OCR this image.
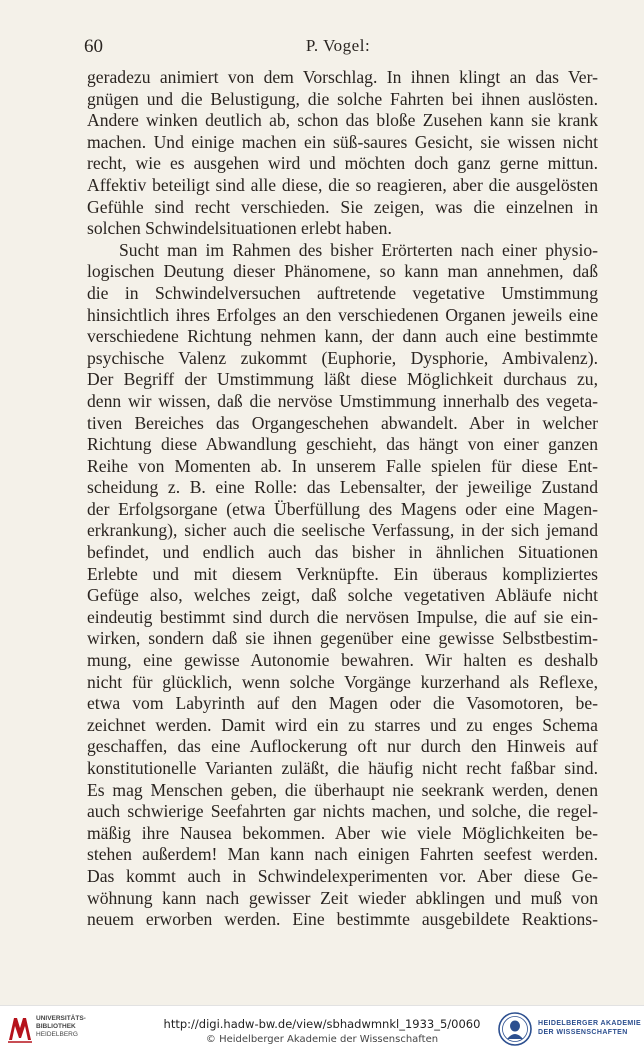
60	P. Vogel:
geradezu animiert von dem Vorschlag. In ihnen klingt an das Ver-
gnügen und die Belustigung, die solche Fahrten bei ihnen auslösten.
Andere winken deutlich ab, schon das bloße Zusehen kann sie krank
machen. Und einige machen ein süß-saures Gesicht, sie wissen nicht
recht, wie es ausgehen wird und möchten doch ganz gerne mittun.
Affektiv beteiligt sind alle diese, die so reagieren, aber die ausgelösten
Gefühle sind recht verschieden. Sie zeigen, was die einzelnen in
solchen Schwindelsituationen erlebt haben.
Sucht man im Rahmen des bisher Erörterten nach einer physio-
logischen Deutung dieser Phänomene, so kann man annehmen, daß
die in Schwindelversuchen auftretende vegetative Umstimmung
hinsichtlich ihres Erfolges an den verschiedenen Organen jeweils eine
verschiedene Richtung nehmen kann, der dann auch eine bestimmte
psychische Valenz zukommt (Euphorie, Dysphorie, Ambivalenz).
Der Begriff der Umstimmung läßt diese Möglichkeit durchaus zu,
denn wir wissen, daß die nervöse Umstimmung innerhalb des vegeta-
tiven Bereiches das Organgeschehen abwandelt. Aber in welcher
Richtung diese Abwandlung geschieht, das hängt von einer ganzen
Reihe von Momenten ab. In unserem Falle spielen für diese Ent-
scheidung z. B. eine Rolle: das Lebensalter, der jeweilige Zustand
der Erfolgsorgane (etwa Überfüllung des Magens oder eine Magen-
erkrankung), sicher auch die seelische Verfassung, in der sich jemand
befindet, und endlich auch das bisher in ähnlichen Situationen
Erlebte und mit diesem Verknüpfte. Ein überaus kompliziertes
Gefüge also, welches zeigt, daß solche vegetativen Abläufe nicht
eindeutig bestimmt sind durch die nervösen Impulse, die auf sie ein-
wirken, sondern daß sie ihnen gegenüber eine gewisse Selbstbestim-
mung, eine gewisse Autonomie bewahren. Wir halten es deshalb
nicht für glücklich, wenn solche Vorgänge kurzerhand als Reflexe,
etwa vom Labyrinth auf den Magen oder die Vasomotoren, be-
zeichnet werden. Damit wird ein zu starres und zu enges Schema
geschaffen, das eine Auflockerung oft nur durch den Hinweis auf
konstitutionelle Varianten zuläßt, die häufig nicht recht faßbar sind.
Es mag Menschen geben, die überhaupt nie seekrank werden, denen
auch schwierige Seefahrten gar nichts machen, und solche, die regel-
mäßig ihre Nausea bekommen. Aber wie viele Möglichkeiten be-
stehen außerdem! Man kann nach einigen Fahrten seefest werden.
Das kommt auch in Schwindelexperimenten vor. Aber diese Ge-
wöhnung kann nach gewisser Zeit wieder abklingen und muß von
neuem erworben werden. Eine bestimmte ausgebildete Reaktions-
UNIVERSITÄTS-
BIBLIOTHEK
HEIDELBERG
http://digi.hadw-bw.de/view/sbhadwmnkl_1933_5/0060
© Heidelberger Akademie der Wissenschaften
HEIDELBERGER AKADEMIE
DER WISSENSCHAFTEN
